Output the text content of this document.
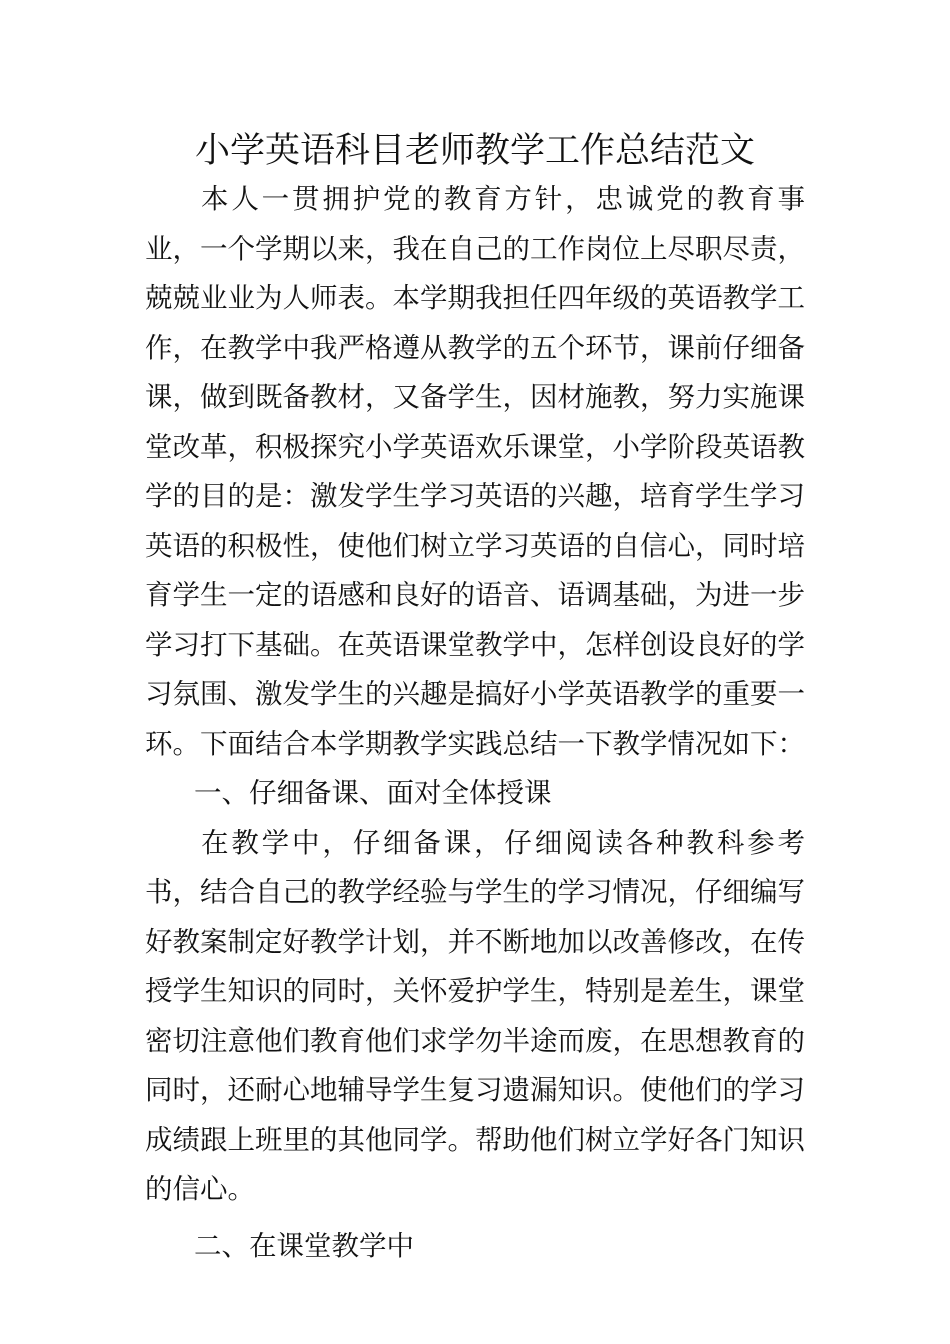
小学英语科目老师教学工作总结范文

本人一贯拥护党的教育方针，忠诚党的教育事业，一个学期以来，我在自己的工作岗位上尽职尽责，兢兢业业为人师表。本学期我担任四年级的英语教学工作，在教学中我严格遵从教学的五个环节，课前仔细备课，做到既备教材，又备学生，因材施教，努力实施课堂改革，积极探究小学英语欢乐课堂，小学阶段英语教学的目的是：激发学生学习英语的兴趣，培育学生学习英语的积极性，使他们树立学习英语的自信心，同时培育学生一定的语感和良好的语音、语调基础，为进一步学习打下基础。在英语课堂教学中，怎样创设良好的学习氛围、激发学生的兴趣是搞好小学英语教学的重要一环。下面结合本学期教学实践总结一下教学情况如下：

一、仔细备课、面对全体授课

在教学中，仔细备课，仔细阅读各种教科参考书，结合自己的教学经验与学生的学习情况，仔细编写好教案制定好教学计划，并不断地加以改善修改，在传授学生知识的同时，关怀爱护学生，特别是差生，课堂密切注意他们教育他们求学勿半途而废，在思想教育的同时，还耐心地辅导学生复习遗漏知识。使他们的学习成绩跟上班里的其他同学。帮助他们树立学好各门知识的信心。

二、在课堂教学中
